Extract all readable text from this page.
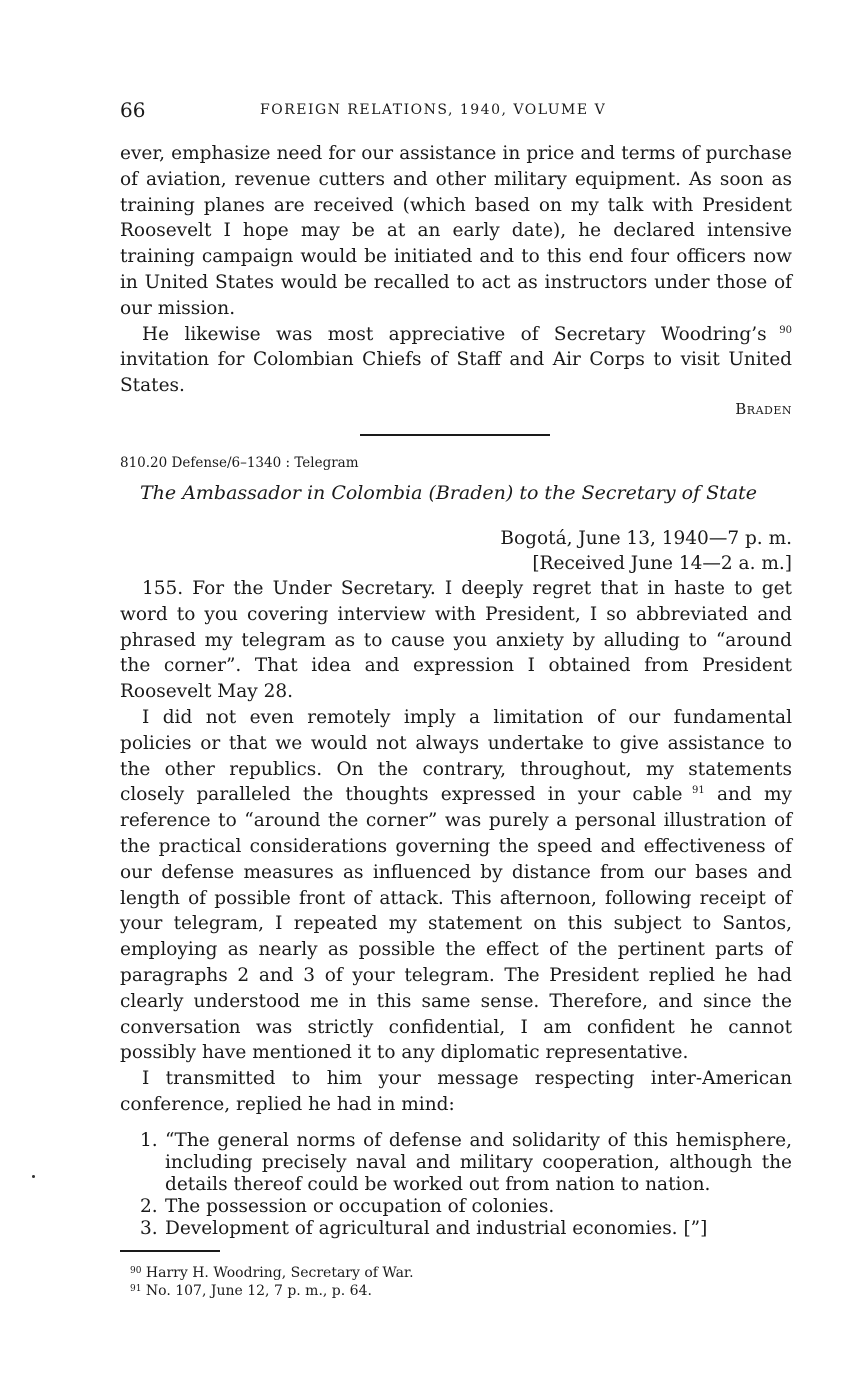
66	FOREIGN RELATIONS, 1940, VOLUME V

ever, emphasize need for our assistance in price and terms of purchase of aviation, revenue cutters and other military equipment. As soon as training planes are received (which based on my talk with President Roosevelt I hope may be at an early date), he declared intensive training campaign would be initiated and to this end four officers now in United States would be recalled to act as instructors under those of our mission.

He likewise was most appreciative of Secretary Woodring’s $^{90}$ invitation for Colombian Chiefs of Staff and Air Corps to visit United States.

Braden
810.20 Defense/6–1340 : Telegram
The Ambassador in Colombia (Braden) to the Secretary of State
Bogotá, June 13, 1940—7 p. m.
[Received June 14—2 a. m.]

155. For the Under Secretary. I deeply regret that in haste to get word to you covering interview with President, I so abbreviated and phrased my telegram as to cause you anxiety by alluding to “around the corner”. That idea and expression I obtained from President Roosevelt May 28.

I did not even remotely imply a limitation of our fundamental policies or that we would not always undertake to give assistance to the other republics. On the contrary, throughout, my statements closely paralleled the thoughts expressed in your cable $^{91}$ and my reference to “around the corner” was purely a personal illustration of the practical considerations governing the speed and effectiveness of our defense measures as influenced by distance from our bases and length of possible front of attack. This afternoon, following receipt of your telegram, I repeated my statement on this subject to Santos, employing as nearly as possible the effect of the pertinent parts of paragraphs 2 and 3 of your telegram. The President replied he had clearly understood me in this same sense. Therefore, and since the conversation was strictly confidential, I am confident he cannot possibly have mentioned it to any diplomatic representative.

I transmitted to him your message respecting inter-American conference, replied he had in mind:

1. “The general norms of defense and solidarity of this hemisphere, including precisely naval and military cooperation, although the details thereof could be worked out from nation to nation.
2. The possession or occupation of colonies.
3. Development of agricultural and industrial economies. [”]
$^{90}$ Harry H. Woodring, Secretary of War.
$^{91}$ No. 107, June 12, 7 p. m., p. 64.
